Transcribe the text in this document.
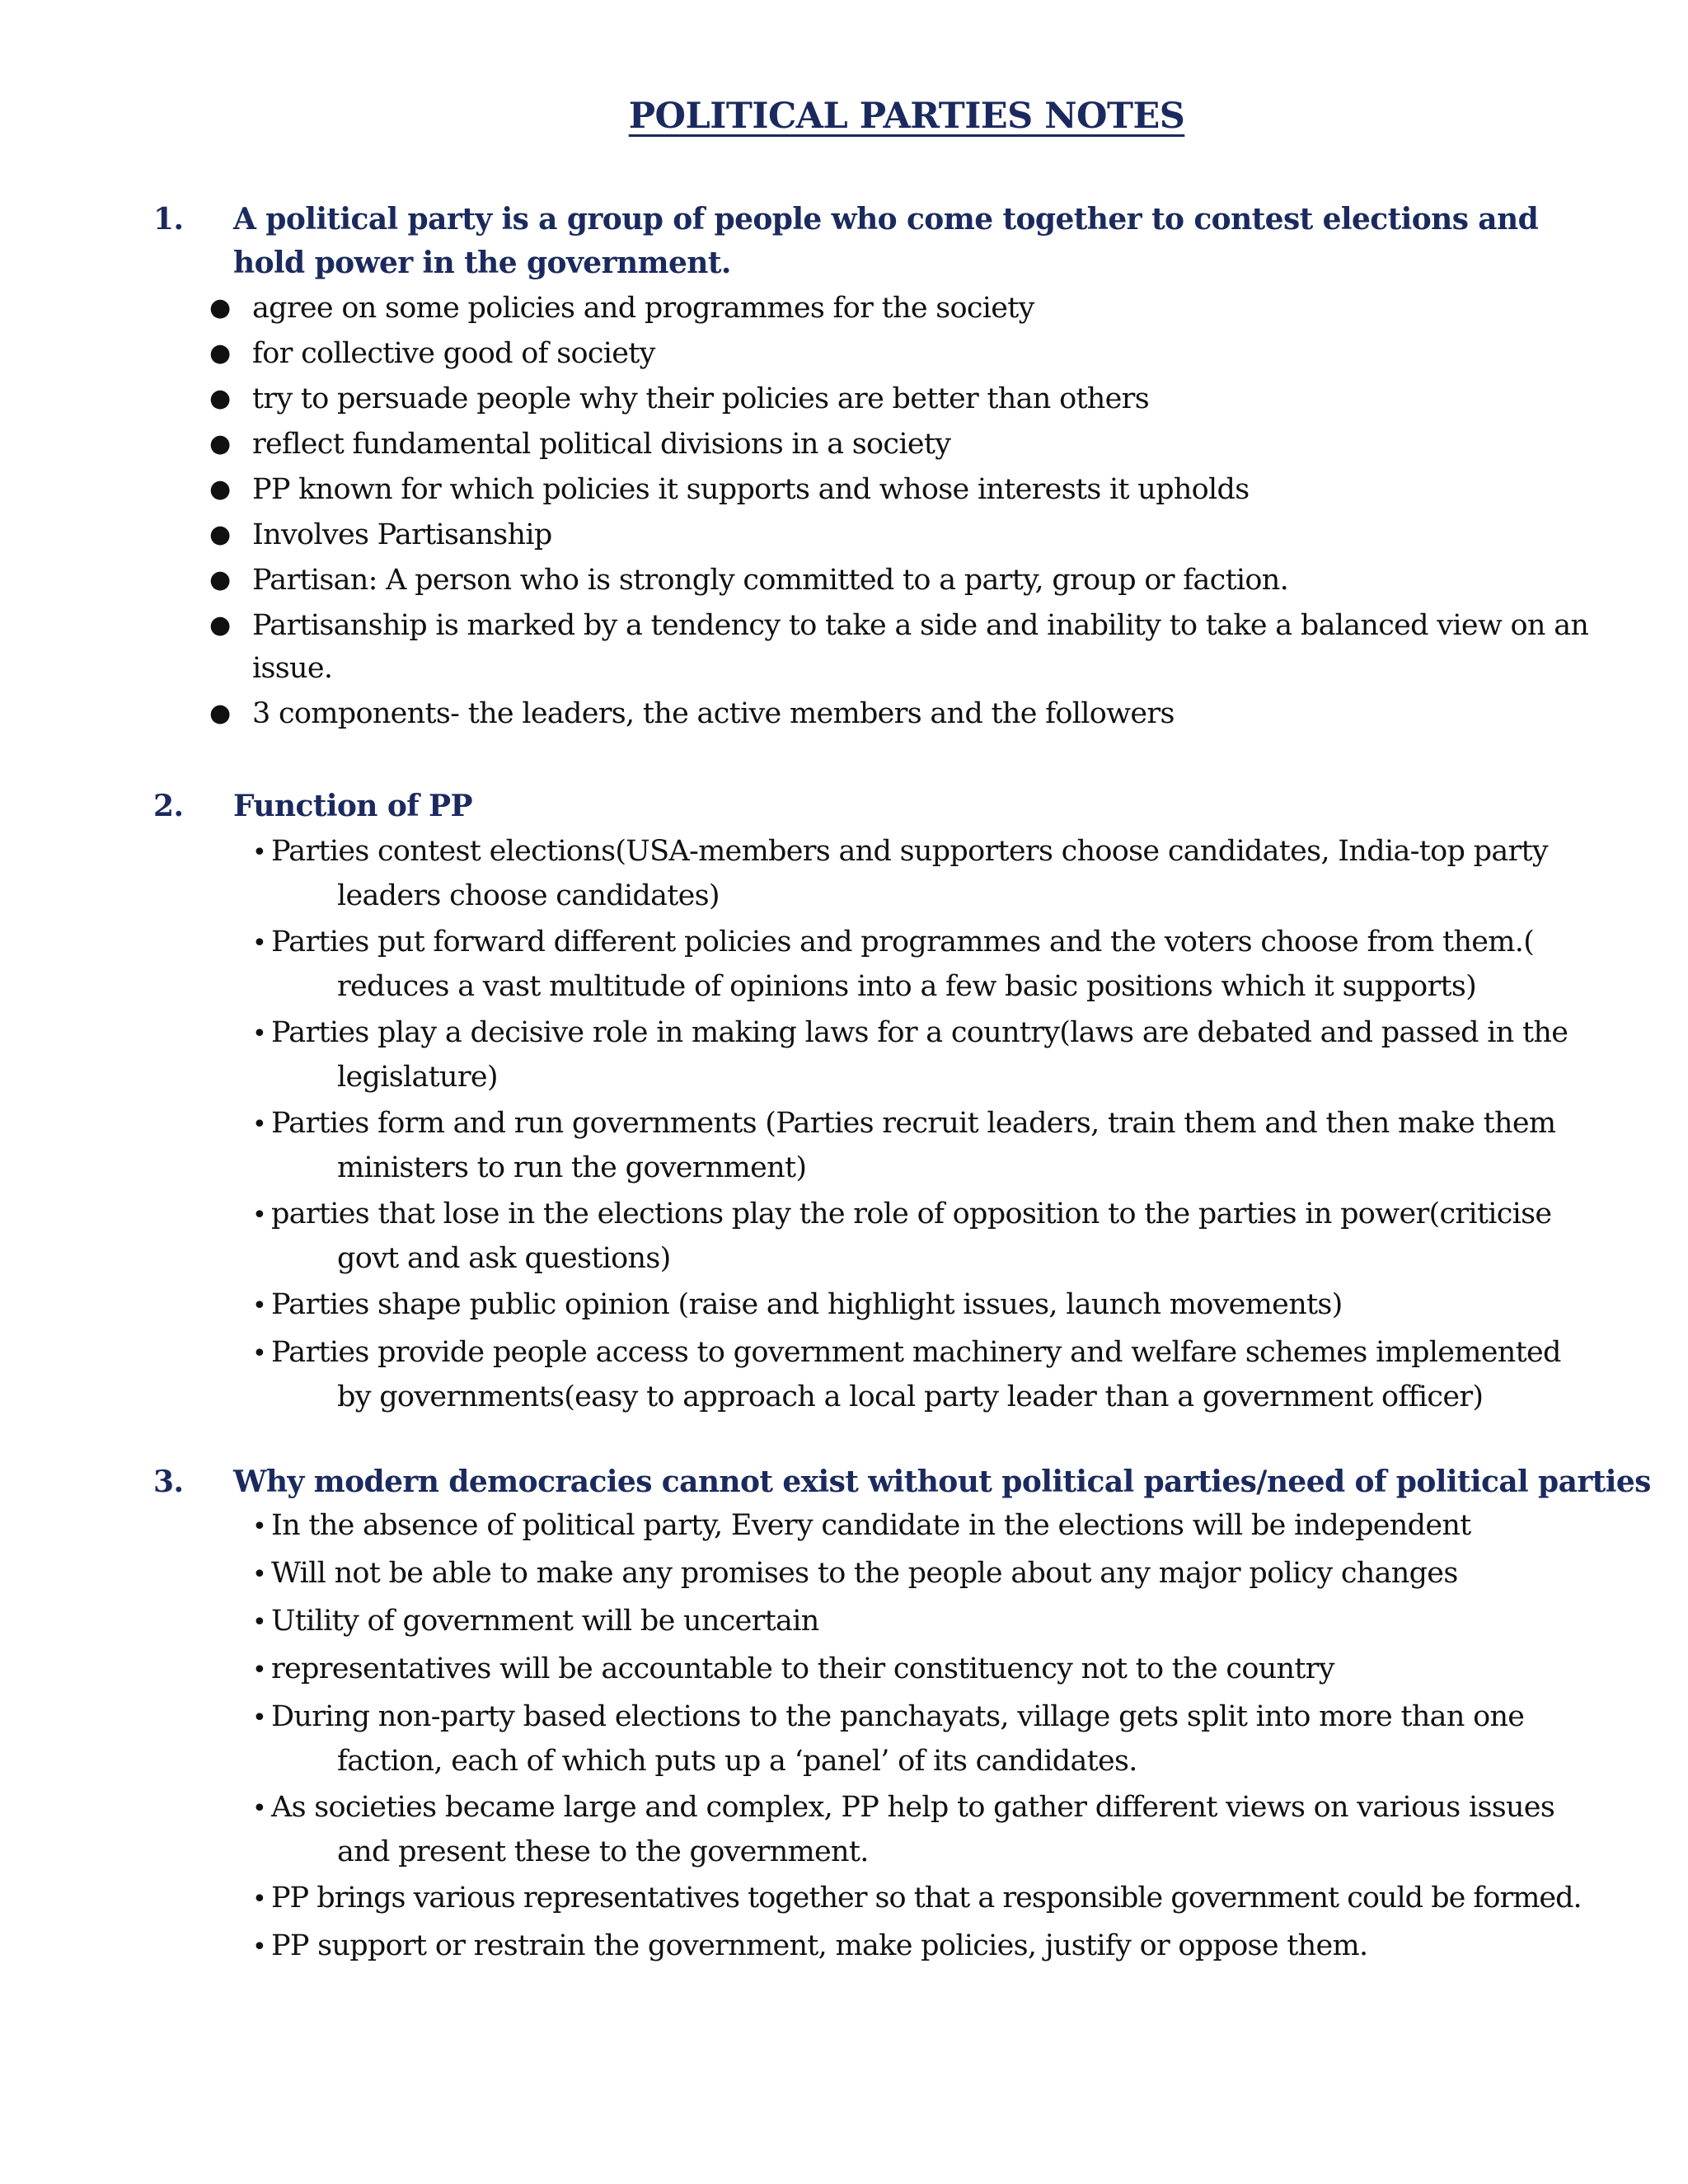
POLITICAL PARTIES NOTES
1. A political party is a group of people who come together to contest elections and hold power in the government.
● agree on some policies and programmes for the society
● for collective good of society
● try to persuade people why their policies are better than others
● reflect fundamental political divisions in a society
● PP known for which policies it supports and whose interests it upholds
● Involves Partisanship
● Partisan: A person who is strongly committed to a party, group or faction.
● Partisanship is marked by a tendency to take a side and inability to take a balanced view on an issue.
● 3 components- the leaders, the active members and the followers
2. Function of PP
• Parties contest elections(USA-members and supporters choose candidates, India-top party
leaders choose candidates)
• Parties put forward different policies and programmes and the voters choose from them.(
reduces a vast multitude of opinions into a few basic positions which it supports)
• Parties play a decisive role in making laws for a country(laws are debated and passed in the
legislature)
• Parties form and run governments (Parties recruit leaders, train them and then make them
ministers to run the government)
• parties that lose in the elections play the role of opposition to the parties in power(criticise
govt and ask questions)
• Parties shape public opinion (raise and highlight issues, launch movements)
• Parties provide people access to government machinery and welfare schemes implemented
by governments(easy to approach a local party leader than a government officer)
3. Why modern democracies cannot exist without political parties/need of political parties
• In the absence of political party, Every candidate in the elections will be independent
• Will not be able to make any promises to the people about any major policy changes
• Utility of government will be uncertain
• representatives will be accountable to their constituency not to the country
• During non-party based elections to the panchayats, village gets split into more than one
faction, each of which puts up a ‘panel’ of its candidates.
• As societies became large and complex, PP help to gather different views on various issues
and present these to the government.
• PP brings various representatives together so that a responsible government could be formed.
• PP support or restrain the government, make policies, justify or oppose them.
